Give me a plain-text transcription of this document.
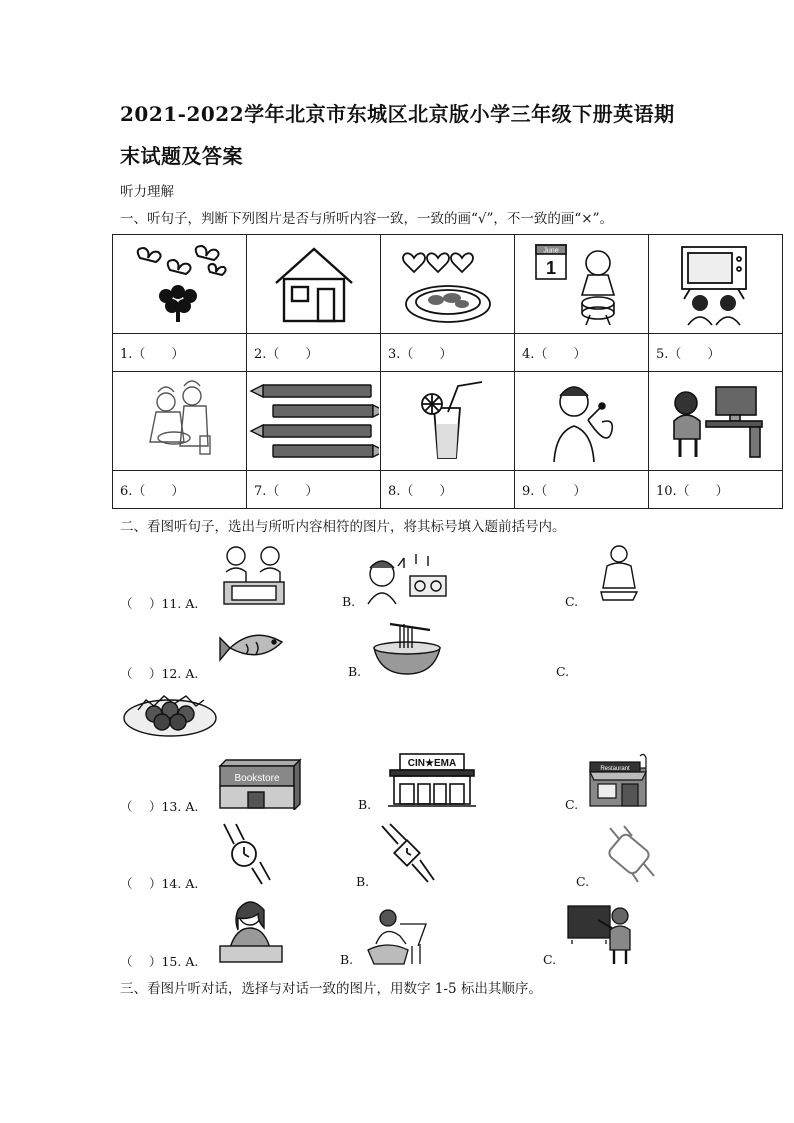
2021-2022学年北京市东城区北京版小学三年级下册英语期
末试题及答案
听力理解
一、听句子，判断下列图片是否与所听内容一致，一致的画“√”，不一致的画“×”。

June
1

1.（　　）	2.（　　）	3.（　　）	4.（　　）	5.（　　）

6.（　　）	7.（　　）	8.（　　）	9.（　　）	10.（　　）
二、看图听句子，选出与所听内容相符的图片，将其标号填入题前括号内。
（　 ）11. A.	B.	C.
（　 ）12. A.	B.	C.
（　 ）13. A.
Bookstore
B.
CIN★EMA
C.
Restaurant
（　 ）14. A.	B.	C.
（　 ）15. A.	B.	C.
三、看图片听对话，选择与对话一致的图片，用数字 1-5 标出其顺序。
